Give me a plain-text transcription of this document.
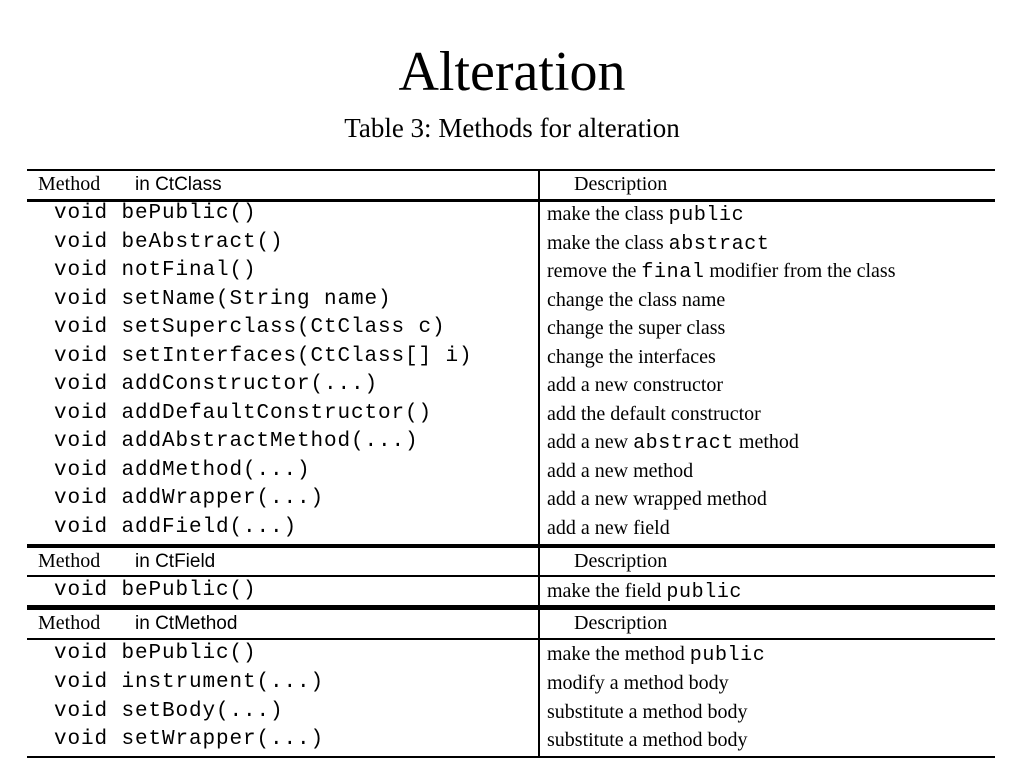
Alteration
Table 3: Methods for alteration
Method in CtClass	Description
void bePublic()	make the class public
void beAbstract()	make the class abstract
void notFinal()	remove the final modifier from the class
void setName(String name)	change the class name
void setSuperclass(CtClass c)	change the super class
void setInterfaces(CtClass[] i)	change the interfaces
void addConstructor(...)	add a new constructor
void addDefaultConstructor()	add the default constructor
void addAbstractMethod(...)	add a new abstract method
void addMethod(...)	add a new method
void addWrapper(...)	add a new wrapped method
void addField(...)	add a new field
Method in CtField	Description
void bePublic()	make the field public
Method in CtMethod	Description
void bePublic()	make the method public
void instrument(...)	modify a method body
void setBody(...)	substitute a method body
void setWrapper(...)	substitute a method body
